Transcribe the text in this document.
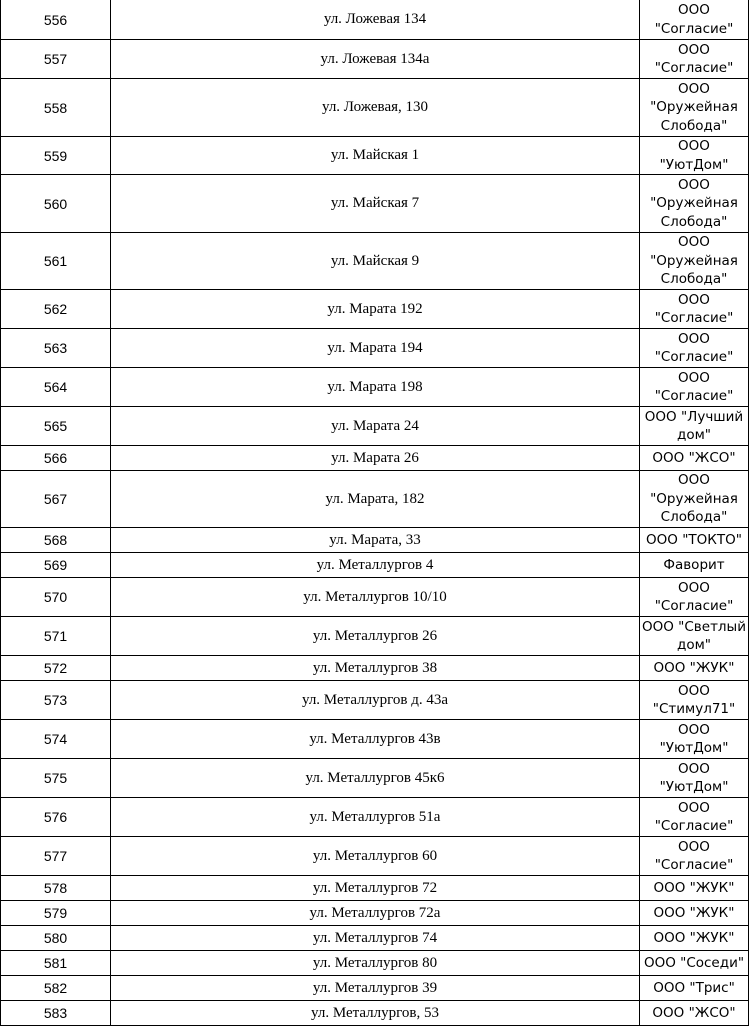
556	ул. Ложевая 134	ООО "Согласие"
557	ул. Ложевая 134а	ООО "Согласие"
558	ул. Ложевая, 130	ООО "Оружейная Слобода"
559	ул. Майская 1	ООО "УютДом"
560	ул. Майская 7	ООО "Оружейная Слобода"
561	ул. Майская 9	ООО "Оружейная Слобода"
562	ул. Марата 192	ООО "Согласие"
563	ул. Марата 194	ООО "Согласие"
564	ул. Марата 198	ООО "Согласие"
565	ул. Марата 24	ООО "Лучший дом"
566	ул. Марата 26	ООО "ЖСО"
567	ул. Марата, 182	ООО "Оружейная Слобода"
568	ул. Марата, 33	ООО "ТОКТО"
569	ул. Металлургов 4	Фаворит
570	ул. Металлургов 10/10	ООО "Согласие"
571	ул. Металлургов 26	ООО "Светлый дом"
572	ул. Металлургов 38	ООО "ЖУК"
573	ул. Металлургов д. 43а	ООО "Стимул71"
574	ул. Металлургов 43в	ООО "УютДом"
575	ул. Металлургов 45к6	ООО "УютДом"
576	ул. Металлургов 51а	ООО "Согласие"
577	ул. Металлургов 60	ООО "Согласие"
578	ул. Металлургов 72	ООО "ЖУК"
579	ул. Металлургов 72а	ООО "ЖУК"
580	ул. Металлургов 74	ООО "ЖУК"
581	ул. Металлургов 80	ООО "Соседи"
582	ул. Металлургов 39	ООО "Трис"
583	ул. Металлургов, 53	ООО "ЖСО"
